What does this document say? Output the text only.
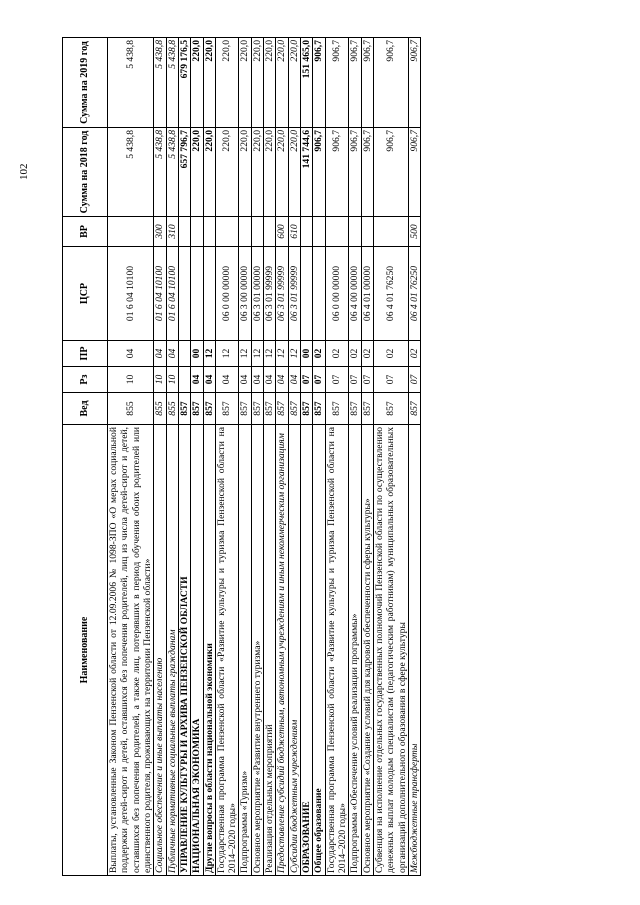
102
Наименование	Вед	Рз	ПР	ЦСР	ВР	Сумма на 2018 год	Сумма на 2019 год
Выплаты, установленные Законом Пензенской области от 12.09.2006 № 1098-ЗПО «О мерах социальной поддержки детей-сирот и детей, оставшихся без попечения родителей, лиц из числа детей-сирот и детей, оставшихся без попечения родителей, а также лиц, потерявших в период обучения обоих родителей или единственного родителя, проживающих на территории Пензенской области»	855	10	04	01 6 04 10100		5 438,8	5 438,8
Социальное обеспечение и иные выплаты населению	855	10	04	01 6 04 10100	300	5 438,8	5 438,8
Публичные нормативные социальные выплаты гражданам	855	10	04	01 6 04 10100	310	5 438,8	5 438,8
УПРАВЛЕНИЕ КУЛЬТУРЫ И АРХИВА ПЕНЗЕНСКОЙ ОБЛАСТИ	857					657 796,7	679 176,5
НАЦИОНАЛЬНАЯ ЭКОНОМИКА	857	04	00			220,0	220,0
Другие вопросы в области национальной экономики	857	04	12			220,0	220,0
Государственная программа Пензенской области «Развитие культуры и туризма Пензенской области на 2014–2020 годы»	857	04	12	06 0 00 00000		220,0	220,0
Подпрограмма «Туризм»	857	04	12	06 3 00 00000		220,0	220,0
Основное мероприятие «Развитие внутреннего туризма»	857	04	12	06 3 01 00000		220,0	220,0
Реализация отдельных мероприятий	857	04	12	06 3 01 99999		220,0	220,0
Предоставление субсидий бюджетным, автономным учреждениям и иным некоммерческим организациям	857	04	12	06 3 01 99999	600	220,0	220,0
Субсидии бюджетным учреждениям	857	04	12	06 3 01 99999	610	220,0	220,0
ОБРАЗОВАНИЕ	857	07	00			141 744,6	151 465,0
Общее образование	857	07	02			906,7	906,7
Государственная программа Пензенской области «Развитие культуры и туризма Пензенской области на 2014–2020 годы»	857	07	02	06 0 00 00000		906,7	906,7
Подпрограмма «Обеспечение условий реализации программы»	857	07	02	06 4 00 00000		906,7	906,7
Основное мероприятие «Создание условий для кадровой обеспеченности сферы культуры»	857	07	02	06 4 01 00000		906,7	906,7
Субвенция на исполнение отдельных государственных полномочий Пензенской области по осуществлению денежных выплат молодым специалистам (педагогическим работникам) муниципальных образовательных организаций дополнительного образования в сфере культуры	857	07	02	06 4 01 76250		906,7	906,7
Межбюджетные трансферты	857	07	02	06 4 01 76250	500	906,7	906,7
